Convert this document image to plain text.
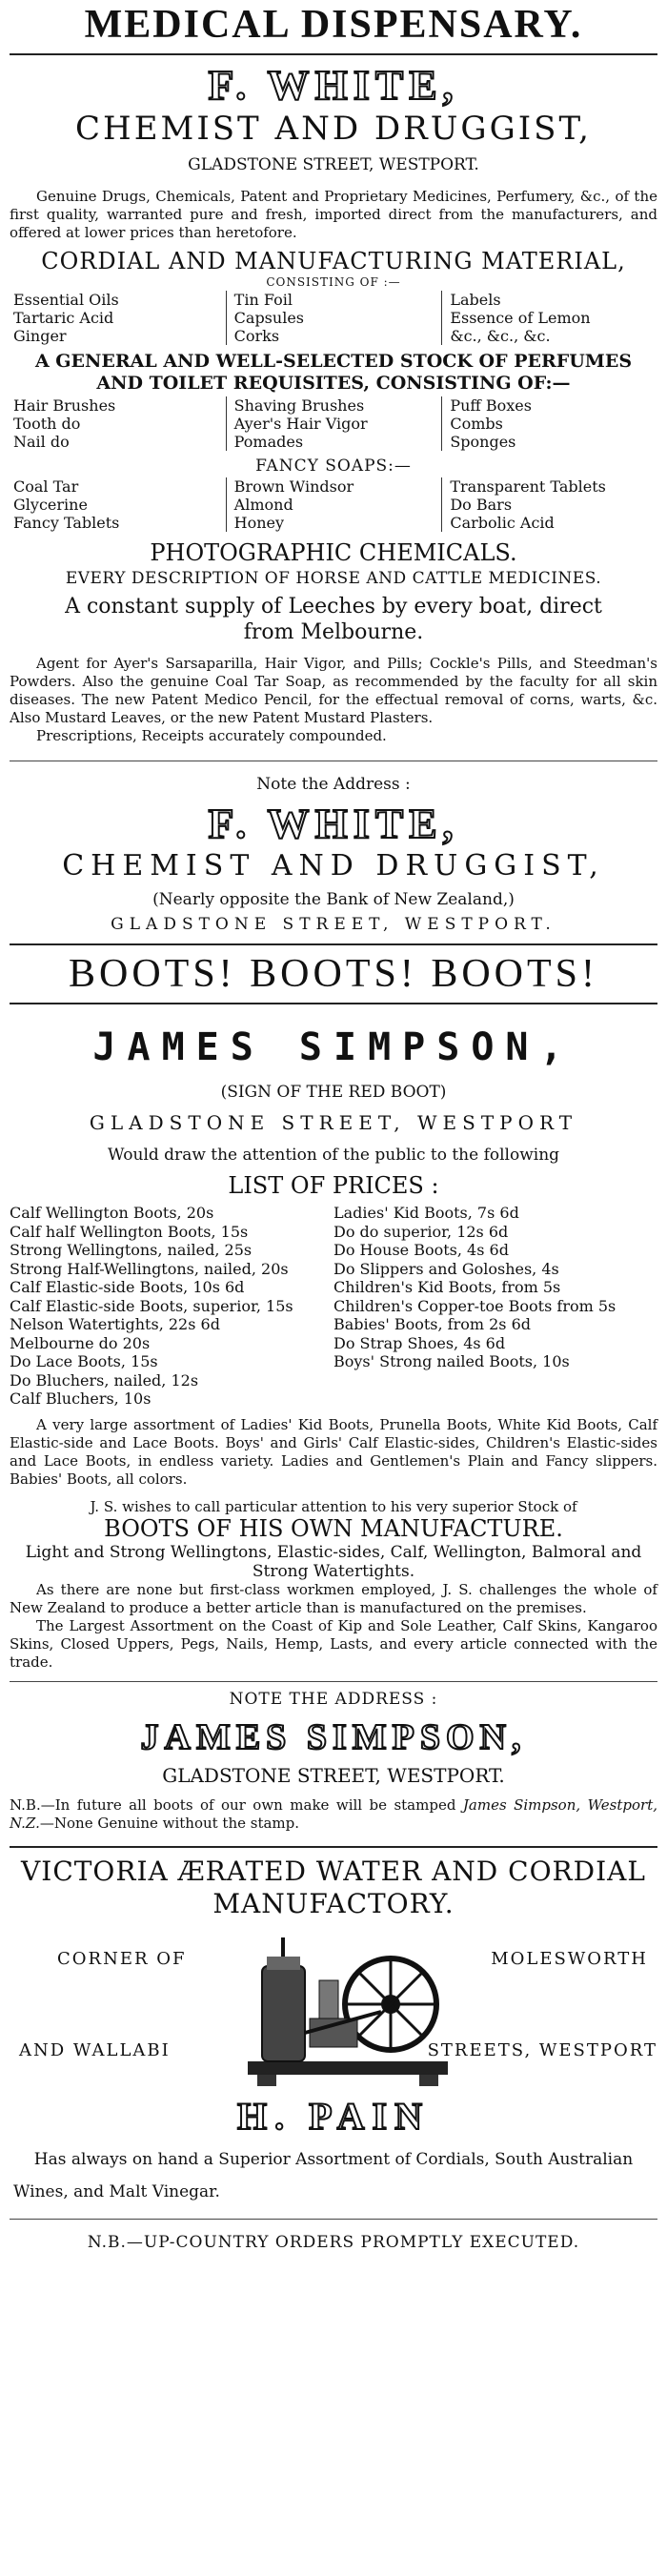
MEDICAL DISPENSARY.
F. WHITE,
CHEMIST AND DRUGGIST,
GLADSTONE STREET, WESTPORT.

Genuine Drugs, Chemicals, Patent and Proprietary Medicines, Perfumery, &c., of the first quality, warranted pure and fresh, imported direct from the manufacturers, and offered at lower prices than heretofore.

CORDIAL AND MANUFACTURING MATERIAL,
CONSISTING OF :—
Essential Oils
Tartaric Acid
Ginger
Tin Foil
Capsules
Corks
Labels
Essence of Lemon
&c., &c., &c.
A GENERAL AND WELL-SELECTED STOCK OF PERFUMES
AND TOILET REQUISITES, CONSISTING OF:—
Hair Brushes
Tooth do
Nail do
Shaving Brushes
Ayer's Hair Vigor
Pomades
Puff Boxes
Combs
Sponges
FANCY SOAPS:—
Coal Tar
Glycerine
Fancy Tablets
Brown Windsor
Almond
Honey
Transparent Tablets
Do Bars
Carbolic Acid
PHOTOGRAPHIC CHEMICALS.
EVERY DESCRIPTION OF HORSE AND CATTLE MEDICINES.
A constant supply of Leeches by every boat, direct from Melbourne.

Agent for Ayer's Sarsaparilla, Hair Vigor, and Pills; Cockle's Pills, and Steedman's Powders. Also the genuine Coal Tar Soap, as recommended by the faculty for all skin diseases. The new Patent Medico Pencil, for the effectual removal of corns, warts, &c. Also Mustard Leaves, or the new Patent Mustard Plasters.

Prescriptions, Receipts accurately compounded.

Note the Address :
F. WHITE,
CHEMIST AND DRUGGIST,
(Nearly opposite the Bank of New Zealand,)
GLADSTONE STREET, WESTPORT.
BOOTS! BOOTS! BOOTS!
JAMES SIMPSON,
(SIGN OF THE RED BOOT)
GLADSTONE STREET, WESTPORT
Would draw the attention of the public to the following
LIST OF PRICES :
Calf Wellington Boots, 20s
Calf half Wellington Boots, 15s
Strong Wellingtons, nailed, 25s
Strong Half-Wellingtons, nailed, 20s
Calf Elastic-side Boots, 10s 6d
Calf Elastic-side Boots, superior, 15s
Nelson Watertights, 22s 6d
Melbourne do 20s
Do Lace Boots, 15s
Do Bluchers, nailed, 12s
Calf Bluchers, 10s
Ladies' Kid Boots, 7s 6d
Do do superior, 12s 6d
Do House Boots, 4s 6d
Do Slippers and Goloshes, 4s
Children's Kid Boots, from 5s
Children's Copper-toe Boots from 5s
Babies' Boots, from 2s 6d
Do Strap Shoes, 4s 6d
Boys' Strong nailed Boots, 10s

A very large assortment of Ladies' Kid Boots, Prunella Boots, White Kid Boots, Calf Elastic-side and Lace Boots. Boys' and Girls' Calf Elastic-sides, Children's Elastic-sides and Lace Boots, in endless variety. Ladies and Gentlemen's Plain and Fancy slippers. Babies' Boots, all colors.

J. S. wishes to call particular attention to his very superior Stock of
BOOTS OF HIS OWN MANUFACTURE.
Light and Strong Wellingtons, Elastic-sides, Calf, Wellington, Balmoral and Strong Watertights.

As there are none but first-class workmen employed, J. S. challenges the whole of New Zealand to produce a better article than is manufactured on the premises.

The Largest Assortment on the Coast of Kip and Sole Leather, Calf Skins, Kangaroo Skins, Closed Uppers, Pegs, Nails, Hemp, Lasts, and every article connected with the trade.

NOTE THE ADDRESS :
JAMES SIMPSON,
GLADSTONE STREET, WESTPORT.
N.B.—In future all boots of our own make will be stamped James Simpson, Westport, N.Z.—None Genuine without the stamp.
VICTORIA ÆRATED WATER AND CORDIAL
MANUFACTORY.
CORNER OF	MOLESWORTH
AND WALLABI	STREETS, WESTPORT
H. PAIN
Has always on hand a Superior Assortment of Cordials, South Australian
Wines, and Malt Vinegar.
N.B.—UP-COUNTRY ORDERS PROMPTLY EXECUTED.
